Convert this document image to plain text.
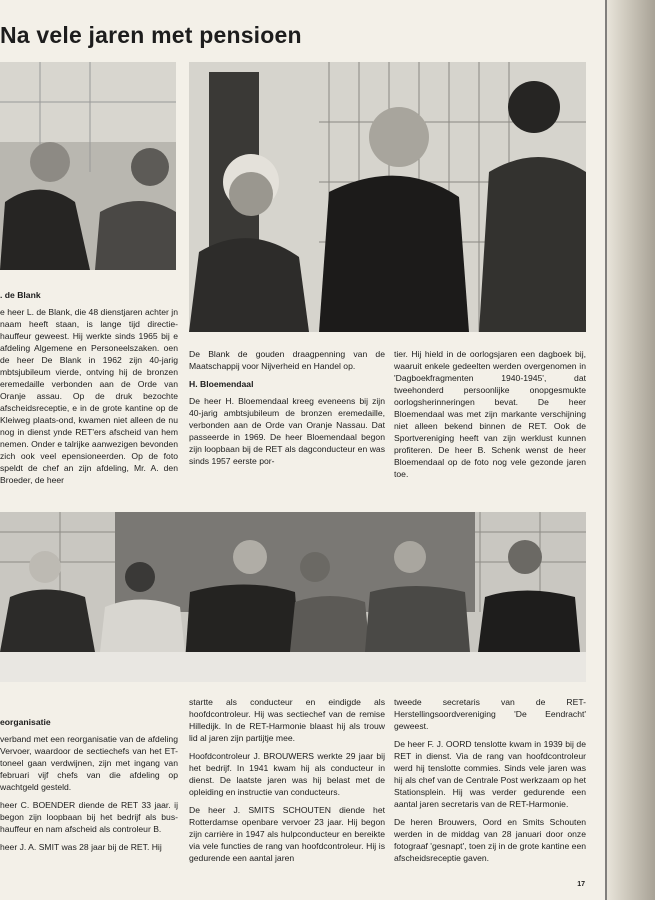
Na vele jaren met pensioen
. de Blank

e heer L. de Blank, die 48 dienstjaren achter jn naam heeft staan, is lange tijd directie-hauffeur geweest. Hij werkte sinds 1965 bij e afdeling Algemene en Personeelszaken. oen de heer De Blank in 1962 zijn 40-jarig mbtsjubileum vierde, ontving hij de bronzen eremedaille verbonden aan de Orde van Oranje assau. Op de druk bezochte afscheidsreceptie, e in de grote kantine op de Kleiweg plaats-ond, kwamen niet alleen de nu nog in dienst ynde RET'ers afscheid van hem nemen. Onder e talrijke aanwezigen bevonden zich ook veel epensioneerden. Op de foto speldt de chef an zijn afdeling, Mr. A. den Broeder, de heer

De Blank de gouden draagpenning van de Maatschappij voor Nijverheid en Handel op.

H. Bloemendaal

De heer H. Bloemendaal kreeg eveneens bij zijn 40-jarig ambtsjubileum de bronzen eremedaille, verbonden aan de Orde van Oranje Nassau. Dat passeerde in 1969. De heer Bloemendaal begon zijn loopbaan bij de RET als dagconducteur en was sinds 1957 eerste por-

tier. Hij hield in de oorlogsjaren een dagboek bij, waaruit enkele gedeelten werden overgenomen in 'Dagboekfragmenten 1940-1945', dat tweehonderd persoonlijke onopgesmukte oorlogsherinneringen bevat. De heer Bloemendaal was met zijn markante verschijning niet alleen bekend binnen de RET. Ook de Sportvereniging heeft van zijn werklust kunnen profiteren. De heer B. Schenk wenst de heer Bloemendaal op de foto nog vele gezonde jaren toe.

eorganisatie

verband met een reorganisatie van de afdeling Vervoer, waardoor de sectiechefs van het ET-toneel gaan verdwijnen, zijn met ingang van februari vijf chefs van die afdeling op wachtgeld gesteld.

heer C. BOENDER diende de RET 33 jaar. ij begon zijn loopbaan bij het bedrijf als bus-hauffeur en nam afscheid als controleur B.

heer J. A. SMIT was 28 jaar bij de RET. Hij

startte als conducteur en eindigde als hoofdcontroleur. Hij was sectiechef van de remise Hilledijk. In de RET-Harmonie blaast hij als trouw lid al jaren zijn partijtje mee.

Hoofdcontroleur J. BROUWERS werkte 29 jaar bij het bedrijf. In 1941 kwam hij als conducteur in dienst. De laatste jaren was hij belast met de opleiding en instructie van conducteurs.

De heer J. SMITS SCHOUTEN diende het Rotterdamse openbare vervoer 23 jaar. Hij begon zijn carrière in 1947 als hulpconducteur en bereikte via vele functies de rang van hoofdcontroleur. Hij is gedurende een aantal jaren

tweede secretaris van de RET-Herstellingsoordvereniging 'De Eendracht' geweest.

De heer F. J. OORD tenslotte kwam in 1939 bij de RET in dienst. Via de rang van hoofdcontroleur werd hij tenslotte commies. Sinds vele jaren was hij als chef van de Centrale Post werkzaam op het Stationsplein. Hij was verder gedurende een aantal jaren secretaris van de RET-Harmonie.

De heren Brouwers, Oord en Smits Schouten werden in de middag van 28 januari door onze fotograaf 'gesnapt', toen zij in de grote kantine een afscheidsreceptie gaven.

17
